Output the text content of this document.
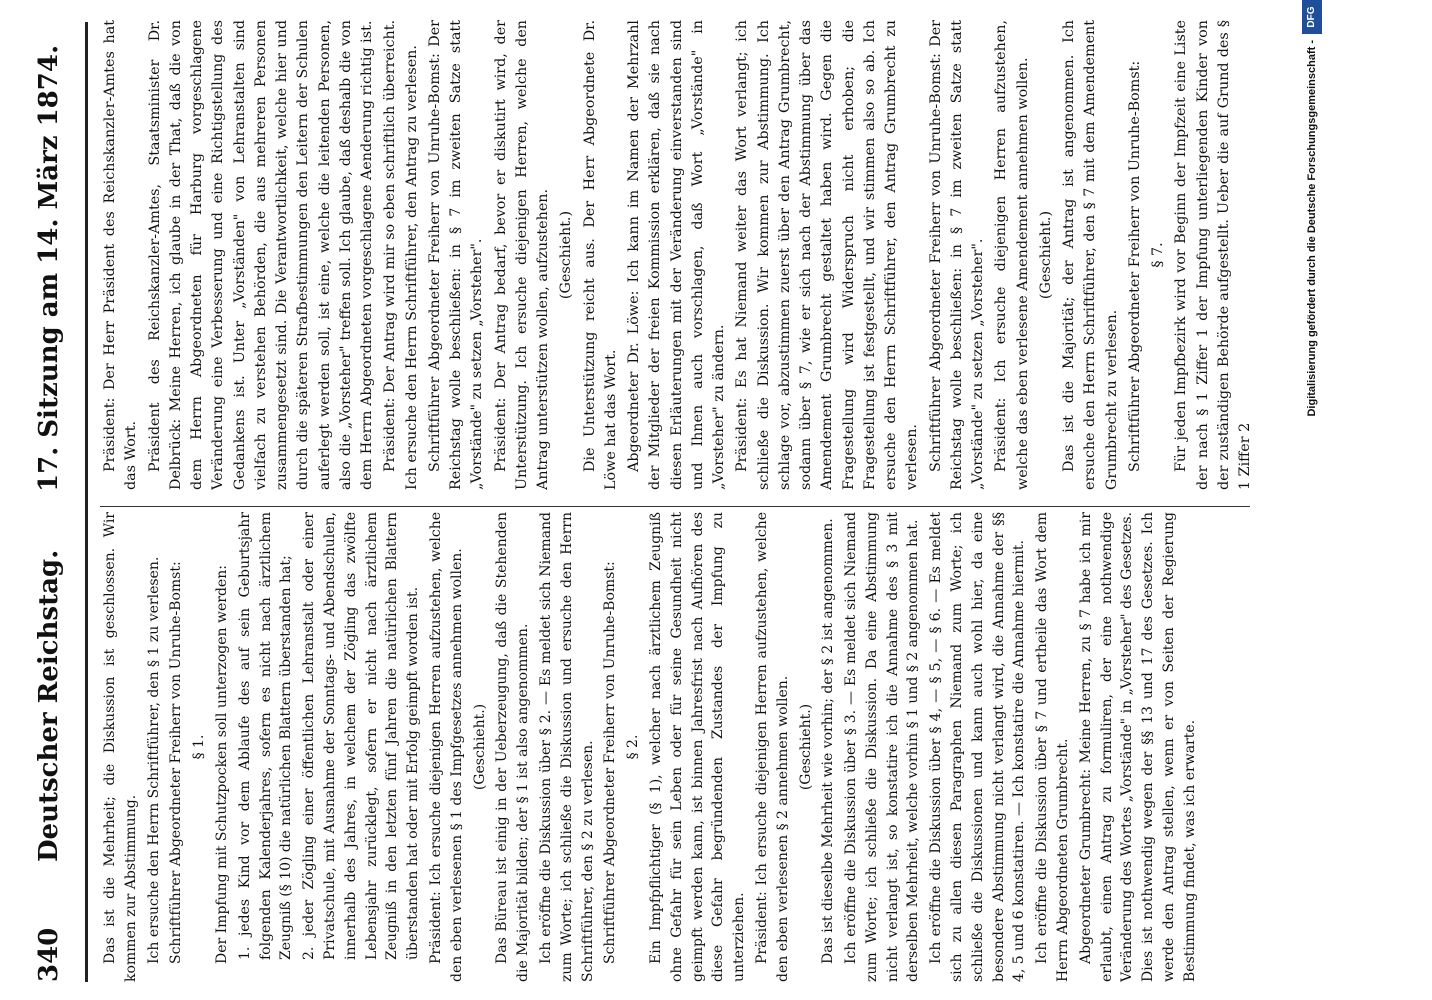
340
Deutscher Reichstag.
17. Sitzung am 14. März 1874.

Das ist die Mehrheit; die Diskussion ist geschlossen. Wir kommen zur Abstimmung. Ich ersuche den Herrn Schriftführer, den § 1 zu verlesen. Schriftführer Abgeordneter Freiherr von Unruhe-Bomst: § 1. Der Impfung mit Schutzpocken soll unterzogen werden: 1. jedes Kind vor dem Ablaufe des auf sein Geburtsjahr folgenden Kalenderjahres, sofern es nicht nach ärztlichem Zeugniß (§ 10) die natürlichen Blattern überstanden hat; 2. jeder Zögling einer öffentlichen Lehranstalt oder einer Privatschule, mit Ausnahme der Sonntags- und Abendschulen, innerhalb des Jahres, in welchem der Zögling das zwölfte Lebensjahr zurücklegt, sofern er nicht nach ärztlichem Zeugniß in den letzten fünf Jahren die natürlichen Blattern überstanden hat oder mit Erfolg geimpft worden ist. Präsident: Ich ersuche diejenigen Herren aufzustehen, welche den eben verlesenen § 1 des Impfgesetzes annehmen wollen. (Geschieht.) Das Büreau ist einig in der Ueberzeugung, daß die Stehenden die Majorität bilden; der § 1 ist also angenommen. Ich eröffne die Diskussion über § 2. — Es meldet sich Niemand zum Worte; ich schließe die Diskussion und ersuche den Herrn Schriftführer, den § 2 zu verlesen. Schriftführer Abgeordneter Freiherr von Unruhe-Bomst: § 2. Ein Impfpflichtiger (§ 1), welcher nach ärztlichem Zeugniß ohne Gefahr für sein Leben oder für seine Gesundheit nicht geimpft werden kann, ist binnen Jahresfrist nach Aufhören des diese Gefahr begründenden Zustandes der Impfung zu unterziehen. Präsident: Ich ersuche diejenigen Herren aufzustehen, welche den eben verlesenen § 2 annehmen wollen. (Geschieht.) Das ist dieselbe Mehrheit wie vorhin; der § 2 ist angenommen. Ich eröffne die Diskussion über § 3. — Es meldet sich Niemand zum Worte; ich schließe die Diskussion. Da eine Abstimmung nicht verlangt ist, so konstatire ich die Annahme des § 3 mit derselben Mehrheit, welche vorhin § 1 und § 2 angenommen hat. Ich eröffne die Diskussion über § 4, — § 5, — § 6. — Es meldet sich zu allen diesen Paragraphen Niemand zum Worte; ich schließe die Diskussionen und kann auch wohl hier, da eine besondere Abstimmung nicht verlangt wird, die Annahme der §§ 4, 5 und 6 konstatiren. — Ich konstatire die Annahme hiermit. Ich eröffne die Diskussion über § 7 und ertheile das Wort dem Herrn Abgeordneten Grumbrecht. Abgeordneter Grumbrecht: Meine Herren, zu § 7 habe ich mir erlaubt, einen Antrag zu formuliren, der eine nothwendige Veränderung des Wortes „Vorstände" in „Vorsteher" des Gesetzes. Dies ist nothwendig wegen der §§ 13 und 17 des Gesetzes. Ich werde den Antrag stellen, wenn er von Seiten der Regierung Bestimmung findet, was ich erwarte.

Präsident: Der Herr Präsident des Reichskanzler-Amtes hat das Wort. Präsident des Reichskanzler-Amtes, Staatsminister Dr. Delbrück: Meine Herren, ich glaube in der That, daß die von dem Herrn Abgeordneten für Harburg vorgeschlagene Veränderung eine Verbesserung und eine Richtigstellung des Gedankens ist. Unter „Vorständen" von Lehranstalten sind vielfach zu verstehen Behörden, die aus mehreren Personen zusammengesetzt sind. Die Verantwortlichkeit, welche hier und durch die späteren Strafbestimmungen den Leitern der Schulen auferlegt werden soll, ist eine, welche die leitenden Personen, also die „Vorsteher" treffen soll. Ich glaube, daß deshalb die von dem Herrn Abgeordneten vorgeschlagene Aenderung richtig ist. Präsident: Der Antrag wird mir so eben schriftlich überreicht. Ich ersuche den Herrn Schriftführer, den Antrag zu verlesen. Schriftführer Abgeordneter Freiherr von Unruhe-Bomst: Der Reichstag wolle beschließen: in § 7 im zweiten Satze statt „Vorstände" zu setzen „Vorsteher". Präsident: Der Antrag bedarf, bevor er diskutirt wird, der Unterstützung. Ich ersuche diejenigen Herren, welche den Antrag unterstützen wollen, aufzustehen. (Geschieht.) Die Unterstützung reicht aus. Der Herr Abgeordnete Dr. Löwe hat das Wort. Abgeordneter Dr. Löwe: Ich kann im Namen der Mehrzahl der Mitglieder der freien Kommission erklären, daß sie nach diesen Erläuterungen mit der Veränderung einverstanden sind und Ihnen auch vorschlagen, daß Wort „Vorstände" in „Vorsteher" zu ändern. Präsident: Es hat Niemand weiter das Wort verlangt; ich schließe die Diskussion. Wir kommen zur Abstimmung. Ich schlage vor, abzustimmen zuerst über den Antrag Grumbrecht, sodann über § 7, wie er sich nach der Abstimmung über das Amendement Grumbrecht gestaltet haben wird. Gegen die Fragestellung wird Widerspruch nicht erhoben; die Fragestellung ist festgestellt, und wir stimmen also so ab. Ich ersuche den Herrn Schriftführer, den Antrag Grumbrecht zu verlesen. Schriftführer Abgeordneter Freiherr von Unruhe-Bomst: Der Reichstag wolle beschließen: in § 7 im zweiten Satze statt „Vorstände" zu setzen „Vorsteher". Präsident: Ich ersuche diejenigen Herren aufzustehen, welche das eben verlesene Amendement annehmen wollen. (Geschieht.) Das ist die Majorität; der Antrag ist angenommen. Ich ersuche den Herrn Schriftführer, den § 7 mit dem Amendement Grumbrecht zu verlesen. Schriftführer Abgeordneter Freiherr von Unruhe-Bomst: § 7. Für jeden Impfbezirk wird vor Beginn der Impfzeit eine Liste der nach § 1 Ziffer 1 der Impfung unterliegenden Kinder von der zuständigen Behörde aufgestellt. Ueber die auf Grund des § 1 Ziffer 2

Digitalisierung gefördert durch die Deutsche Forschungsgemeinschaft -
DFG
